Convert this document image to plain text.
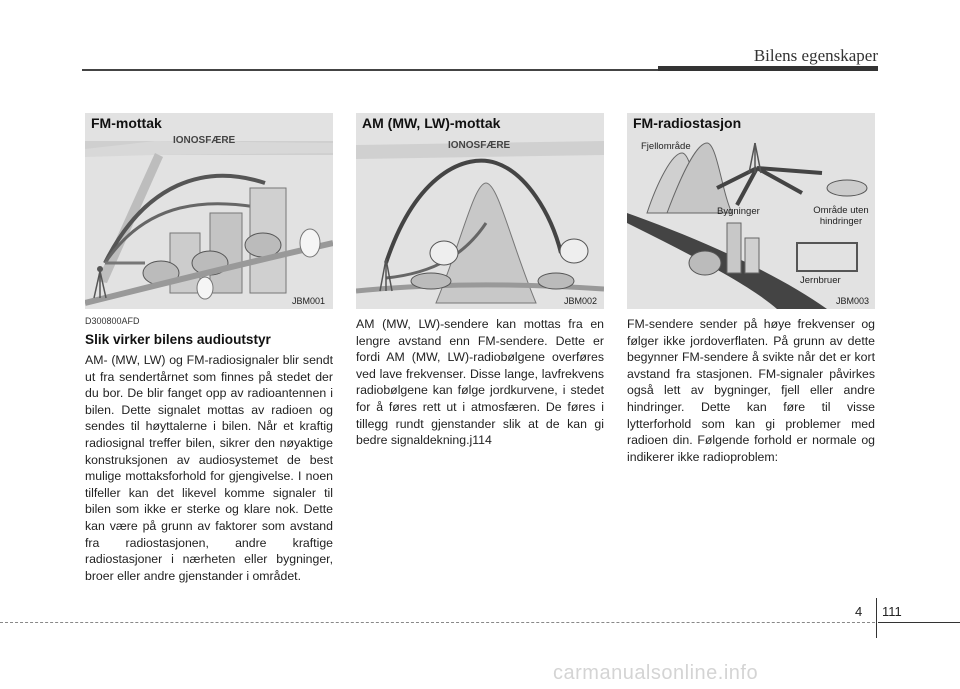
Bilens egenskaper
FM-mottak
IONOSFÆRE
JBM001
AM (MW, LW)-mottak
IONOSFÆRE
JBM002
FM-radiostasjon
Fjellområde
Bygninger	Område uten hindringer
Jernbruer
JBM003
D300800AFD
Slik virker bilens audioutstyr

AM- (MW, LW) og FM-radiosignaler blir sendt ut fra sendertårnet som finnes på stedet der du bor. De blir fanget opp av radioantennen i bilen. Dette signalet mottas av radioen og sendes til høyttalerne i bilen. Når et kraftig radiosignal treffer bilen, sikrer den nøyaktige konstruksjonen av audiosystemet de best mulige mottaksforhold for gjengivelse. I noen tilfeller kan det likevel komme signaler til bilen som ikke er sterke og klare nok. Dette kan være på grunn av faktorer som avstand fra radiostasjonen, andre kraftige radiostasjoner i nærheten eller bygninger, broer eller andre gjenstander i området.

AM (MW, LW)-sendere kan mottas fra en lengre avstand enn FM-sendere. Dette er fordi AM (MW, LW)-radiobølgene overføres ved lave frekvenser. Disse lange, lavfrekvens radiobølgene kan følge jordkurvene, i stedet for å føres rett ut i atmosfæren. De føres i tillegg rundt gjenstander slik at de kan gi bedre signaldekning.j114

FM-sendere sender på høye frekvenser og følger ikke jordoverflaten. På grunn av dette begynner FM-sendere å svikte når det er kort avstand fra stasjonen. FM-signaler påvirkes også lett av bygninger, fjell eller andre hindringer. Dette kan føre til visse lytterforhold som kan gi problemer med radioen din. Følgende forhold er normale og indikerer ikke radioproblem:

4 111
carmanualsonline.info
